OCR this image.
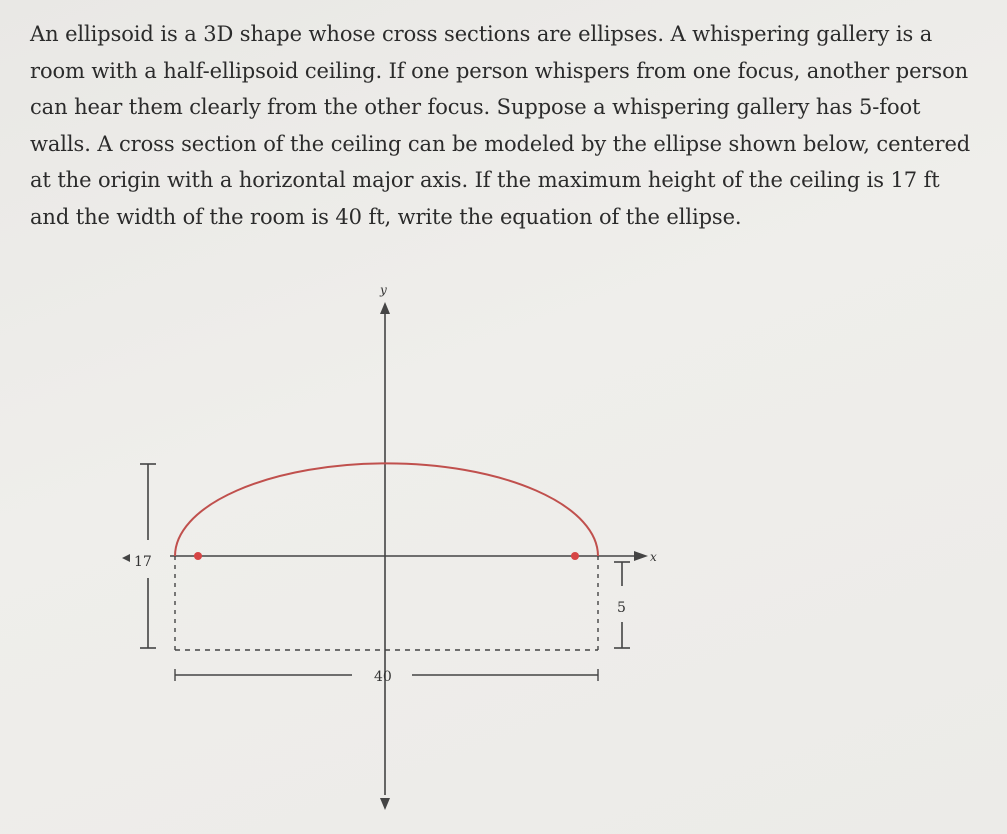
An ellipsoid is a 3D shape whose cross sections are ellipses. A whispering gallery is a room with a half-ellipsoid ceiling. If one person whispers from one focus, another person can hear them clearly from the other focus. Suppose a whispering gallery has 5-foot walls. A cross section of the ceiling can be modeled by the ellipse shown below, centered at the origin with a horizontal major axis. If the maximum height of the ceiling is 17 ft and the width of the room is 40 ft, write the equation of the ellipse.

y
x
17
5
40
